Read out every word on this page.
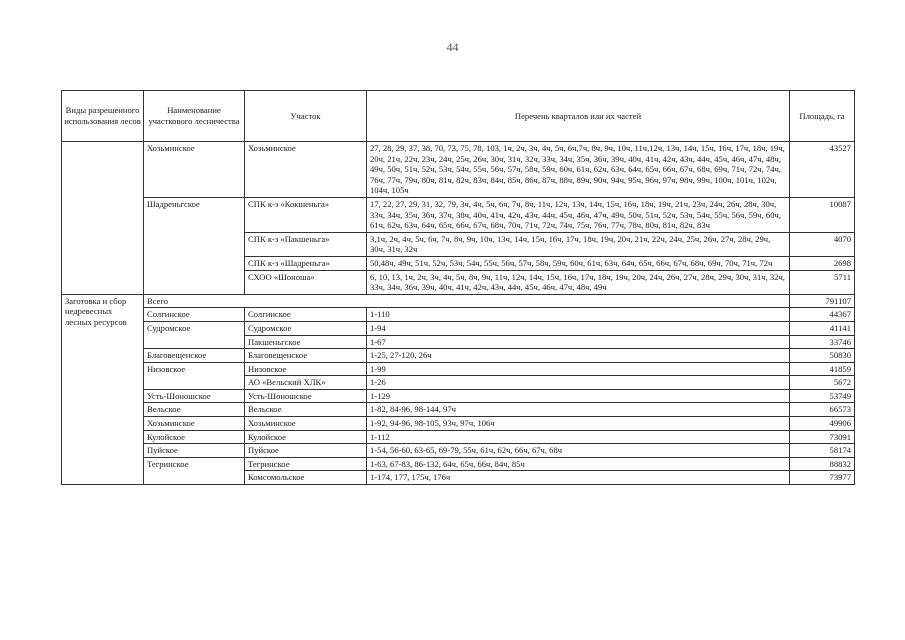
44
Виды разрешенного использования лесов	Наименование участкового лесничества	Участок	Перечень кварталов или их частей	Площадь, га
	Хозьминское	Хозьминское	27, 28, 29, 37, 38, 70, 73, 75, 78, 103, 1ч, 2ч, 3ч, 4ч, 5ч, 6ч,7ч, 8ч, 9ч, 10ч, 11ч,12ч, 13ч, 14ч, 15ч, 16ч, 17ч, 18ч, 19ч, 20ч, 21ч, 22ч, 23ч, 24ч, 25ч, 26ч, 30ч, 31ч, 32ч, 33ч, 34ч, 35ч, 36ч, 39ч, 40ч, 41ч, 42ч, 43ч, 44ч, 45ч, 46ч, 47ч, 48ч, 49ч, 50ч, 51ч, 52ч, 53ч, 54ч, 55ч, 56ч, 57ч, 58ч, 59ч, 60ч, 61ч, 62ч, 63ч, 64ч, 65ч, 66ч, 67ч, 68ч, 69ч, 71ч, 72ч, 74ч, 76ч, 77ч, 79ч, 80ч, 81ч, 82ч, 83ч, 84ч, 85ч, 86ч, 87ч, 88ч, 89ч, 90ч, 94ч, 95ч, 96ч, 97ч, 98ч, 99ч, 100ч, 101ч, 102ч, 104ч, 105ч	43527
	Шадреньгское	СПК к-з «Кокшеньга»	17, 22, 27, 29, 31, 32, 79, 3ч, 4ч, 5ч, 6ч, 7ч, 8ч, 11ч, 12ч, 13ч, 14ч, 15ч, 16ч, 18ч, 19ч, 21ч, 23ч, 24ч, 26ч, 28ч, 30ч, 33ч, 34ч, 35ч, 36ч, 37ч, 38ч, 40ч, 41ч, 42ч, 43ч, 44ч, 45ч, 46ч, 47ч, 49ч, 50ч, 51ч, 52ч, 53ч, 54ч, 55ч, 56ч, 59ч, 60ч, 61ч, 62ч, 63ч, 64ч, 65ч, 66ч, 67ч, 68ч, 70ч, 71ч, 72ч, 74ч, 75ч, 76ч, 77ч, 78ч, 80ч, 81ч, 82ч, 83ч	10087
		СПК к-з «Пакшеньга»	3,1ч, 2ч, 4ч, 5ч, 6ч, 7ч, 8ч, 9ч, 10ч, 13ч, 14ч, 15ч, 16ч, 17ч, 18ч, 19ч, 20ч, 21ч, 22ч, 24ч, 25ч, 26ч, 27ч, 28ч, 29ч, 30ч, 31ч, 32ч	4070
		СПК к-з «Шадреньга»	50,48ч, 49ч, 51ч, 52ч, 53ч, 54ч, 55ч, 56ч, 57ч, 58ч, 59ч, 60ч, 61ч, 63ч, 64ч, 65ч, 66ч, 67ч, 68ч, 69ч, 70ч, 71ч, 72ч	2698
		СХОО «Шоноша»	6, 10, 13, 1ч, 2ч, 3ч, 4ч, 5ч, 8ч, 9ч, 11ч, 12ч, 14ч, 15ч, 16ч, 17ч, 18ч, 19ч, 20ч, 24ч, 26ч, 27ч, 28ч, 29ч, 30ч, 31ч, 32ч, 33ч, 34ч, 36ч, 39ч, 40ч, 41ч, 42ч, 43ч, 44ч, 45ч, 46ч, 47ч, 48ч, 49ч	5711
Заготовка и сбор недревесных лесных ресурсов	Всего			791107
	Солгинское	Солгинское	1-110	44367
	Судромское	Судромское	1-94	41141
		Пакшеньгское	1-67	33746
	Благовещенское	Благовещенское	1-25, 27-120, 26ч	50830
	Низовское	Низовское	1-99	41859
		АО «Вельский ХЛК»	1-26	5672
	Усть-Шоношское	Усть-Шоношское	1-129	53749
	Вельское	Вельское	1-82, 84-96, 98-144, 97ч	66573
	Хозьминское	Хозьминское	1-92, 94-96, 98-105, 93ч, 97ч, 106ч	49906
	Кулойское	Кулойское	1-112	73091
	Пуйское	Пуйское	1-54, 56-60, 63-65, 69-79, 55ч, 61ч, 62ч, 66ч, 67ч, 68ч	58174
	Тегринское	Тегринское	1-63, 67-83, 86-132, 64ч, 65ч, 66ч, 84ч, 85ч	88832
		Комсомольское	1-174, 177, 175ч, 176ч	73977
